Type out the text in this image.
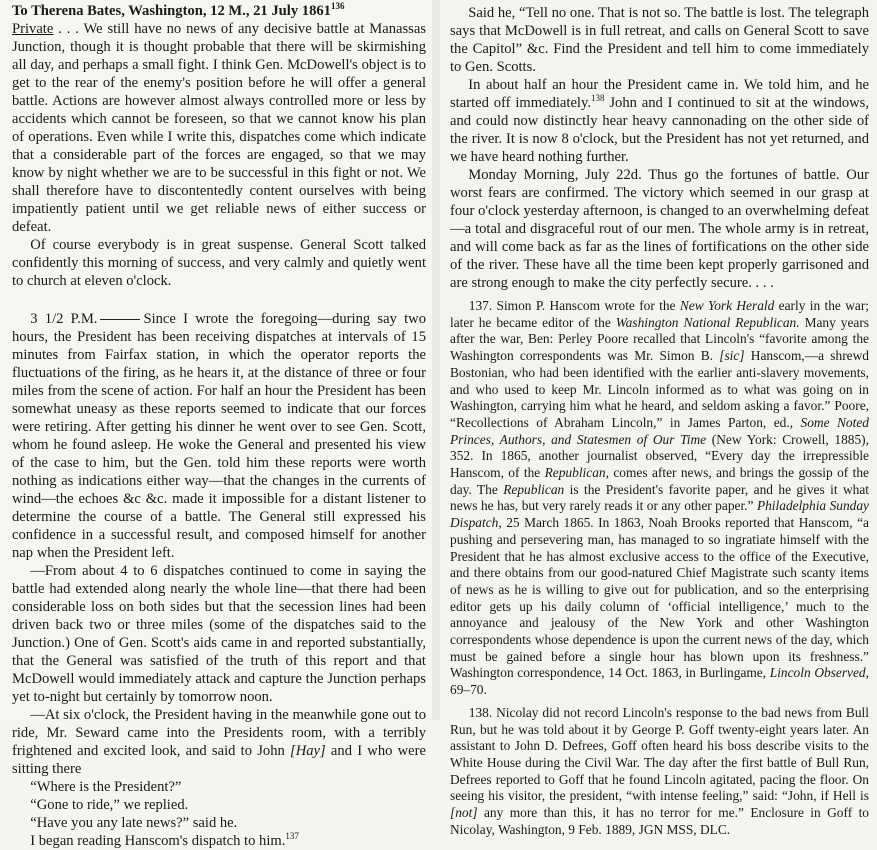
To Therena Bates, Washington, 12 M., 21 July 1861$^{136}$

Private . . . We still have no news of any decisive battle at Manassas Junction, though it is thought probable that there will be skirmishing all day, and perhaps a small fight. I think Gen. McDowell's object is to get to the rear of the enemy's position before he will offer a general battle. Actions are however almost always controlled more or less by accidents which cannot be foreseen, so that we cannot know his plan of operations. Even while I write this, dispatches come which indicate that a considerable part of the forces are engaged, so that we may know by night whether we are to be successful in this fight or not. We shall therefore have to discontentedly content ourselves with being impatiently patient until we get reliable news of either success or defeat.

Of course everybody is in great suspense. General Scott talked confidently this morning of success, and very calmly and quietly went to church at eleven o'clock.

3 1/2 P.M.	Since I wrote the foregoing—during say two hours, the President has been receiving dispatches at intervals of 15 minutes from Fairfax station, in which the operator reports the fluctuations of the firing, as he hears it, at the distance of three or four miles from the scene of action. For half an hour the President has been somewhat uneasy as these reports seemed to indicate that our forces were retiring. After getting his dinner he went over to see Gen. Scott, whom he found asleep. He woke the General and presented his view of the case to him, but the Gen. told him these reports were worth nothing as indications either way—that the changes in the currents of wind—the echoes &c &c. made it impossible for a distant listener to determine the course of a battle. The General still expressed his confidence in a successful result, and composed himself for another nap when the President left.

—From about 4 to 6 dispatches continued to come in saying the battle had extended along nearly the whole line—that there had been considerable loss on both sides but that the secession lines had been driven back two or three miles (some of the dispatches said to the Junction.) One of Gen. Scott's aids came in and reported substantially, that the General was satisfied of the truth of this report and that McDowell would immediately attack and capture the Junction perhaps yet to-night but certainly by tomorrow noon.

—At six o'clock, the President having in the meanwhile gone out to ride, Mr. Seward came into the Presidents room, with a terribly frightened and excited look, and said to John [Hay] and I who were sitting there

“Where is the President?”

“Gone to ride,” we replied.

“Have you any late news?” said he.

I began reading Hanscom's dispatch to him.$^{137}$

Said he, “Tell no one. That is not so. The battle is lost. The telegraph says that McDowell is in full retreat, and calls on General Scott to save the Capitol” &c. Find the President and tell him to come immediately to Gen. Scotts.

In about half an hour the President came in. We told him, and he started off immediately.$^{138}$ John and I continued to sit at the windows, and could now distinctly hear heavy cannonading on the other side of the river. It is now 8 o'clock, but the President has not yet returned, and we have heard nothing further.

Monday Morning, July 22d. Thus go the fortunes of battle. Our worst fears are confirmed. The victory which seemed in our grasp at four o'clock yesterday afternoon, is changed to an overwhelming defeat—a total and disgraceful rout of our men. The whole army is in retreat, and will come back as far as the lines of fortifications on the other side of the river. These have all the time been kept properly garrisoned and are strong enough to make the city perfectly secure. . . .

137. Simon P. Hanscom wrote for the New York Herald early in the war; later he became editor of the Washington National Republican. Many years after the war, Ben: Perley Poore recalled that Lincoln's “favorite among the Washington correspondents was Mr. Simon B. [sic] Hanscom,—a shrewd Bostonian, who had been identified with the earlier anti-slavery movements, and who used to keep Mr. Lincoln informed as to what was going on in Washington, carrying him what he heard, and seldom asking a favor.” Poore, “Recollections of Abraham Lincoln,” in James Parton, ed., Some Noted Princes, Authors, and Statesmen of Our Time (New York: Crowell, 1885), 352. In 1865, another journalist observed, “Every day the irrepressible Hanscom, of the Republican, comes after news, and brings the gossip of the day. The Republican is the President's favorite paper, and he gives it what news he has, but very rarely reads it or any other paper.” Philadelphia Sunday Dispatch, 25 March 1865. In 1863, Noah Brooks reported that Hanscom, “a pushing and persevering man, has managed to so ingratiate himself with the President that he has almost exclusive access to the office of the Executive, and there obtains from our good-natured Chief Magistrate such scanty items of news as he is willing to give out for publication, and so the enterprising editor gets up his daily column of ‘official intelligence,’ much to the annoyance and jealousy of the New York and other Washington correspondents whose dependence is upon the current news of the day, which must be gained before a single hour has blown upon its freshness.” Washington correspondence, 14 Oct. 1863, in Burlingame, Lincoln Observed, 69–70.

138. Nicolay did not record Lincoln's response to the bad news from Bull Run, but he was told about it by George P. Goff twenty-eight years later. An assistant to John D. Defrees, Goff often heard his boss describe visits to the White House during the Civil War. The day after the first battle of Bull Run, Defrees reported to Goff that he found Lincoln agitated, pacing the floor. On seeing his visitor, the president, “with intense feeling,” said: “John, if Hell is [not] any more than this, it has no terror for me.” Enclosure in Goff to Nicolay, Washington, 9 Feb. 1889, JGN MSS, DLC.
